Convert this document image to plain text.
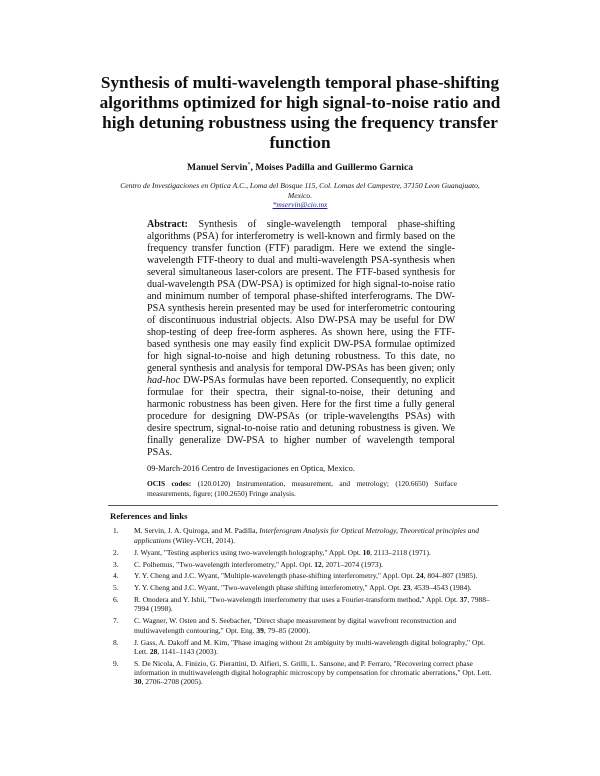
Synthesis of multi-wavelength temporal phase-shifting algorithms optimized for high signal-to-noise ratio and high detuning robustness using the frequency transfer function
Manuel Servin*, Moises Padilla and Guillermo Garnica
Centro de Investigaciones en Optica A.C., Loma del Bosque 115, Col. Lomas del Campestre, 37150 Leon Guanajuato, Mexico.
*mservin@cio.mx
Abstract: Synthesis of single-wavelength temporal phase-shifting algorithms (PSA) for interferometry is well-known and firmly based on the frequency transfer function (FTF) paradigm. Here we extend the single-wavelength FTF-theory to dual and multi-wavelength PSA-synthesis when several simultaneous laser-colors are present. The FTF-based synthesis for dual-wavelength PSA (DW-PSA) is optimized for high signal-to-noise ratio and minimum number of temporal phase-shifted interferograms. The DW-PSA synthesis herein presented may be used for interferometric contouring of discontinuous industrial objects. Also DW-PSA may be useful for DW shop-testing of deep free-form aspheres. As shown here, using the FTF-based synthesis one may easily find explicit DW-PSA formulae optimized for high signal-to-noise and high detuning robustness. To this date, no general synthesis and analysis for temporal DW-PSAs has been given; only had-hoc DW-PSAs formulas have been reported. Consequently, no explicit formulae for their spectra, their signal-to-noise, their detuning and harmonic robustness has been given. Here for the first time a fully general procedure for designing DW-PSAs (or triple-wavelengths PSAs) with desire spectrum, signal-to-noise ratio and detuning robustness is given. We finally generalize DW-PSA to higher number of wavelength temporal PSAs.
09-March-2016 Centro de Investigaciones en Optica, Mexico.
OCIS codes: (120.0120) Instrumentation, measurement, and metrology; (120.6650) Surface measurements, figure; (100.2650) Fringe analysis.
References and links
1.	M. Servin, J. A. Quiroga, and M. Padilla, Interferogram Analysis for Optical Metrology, Theoretical principles and applications (Wiley-VCH, 2014).
2.	J. Wyant, "Testing aspherics using two-wavelength holography," Appl. Opt. 10, 2113–2118 (1971).
3.	C. Polhemus, "Two-wavelength interferometry," Appl. Opt. 12, 2071–2074 (1973).
4.	Y. Y. Cheng and J.C. Wyant, "Multiple-wavelength phase-shifting interferometry," Appl. Opt. 24, 804–807 (1985).
5.	Y. Y. Cheng and J.C. Wyant, "Two-wavelength phase shifting interferometry," Appl. Opt. 23, 4539–4543 (1984).
6.	R. Onodera and Y. Ishii, "Two-wavelength interferometry that uses a Fourier-transform method," Appl. Opt. 37, 7988–7994 (1998).
7.	C. Wagner, W. Osten and S. Seebacher, "Direct shape measurement by digital wavefront reconstruction and multiwavelength contouring," Opt. Eng. 39, 79–85 (2000).
8.	J. Gass, A. Dakoff and M. Kim, "Phase imaging without 2π ambiguity by multi-wavelength digital holography," Opt. Lett. 28, 1141–1143 (2003).
9.	S. De Nicola, A. Finizio, G. Pierattini, D. Alfieri, S. Grilli, L. Sansone, and P. Ferraro, "Recovering correct phase information in multiwavelength digital holographic microscopy by compensation for chromatic aberrations," Opt. Lett. 30, 2706–2708 (2005).
